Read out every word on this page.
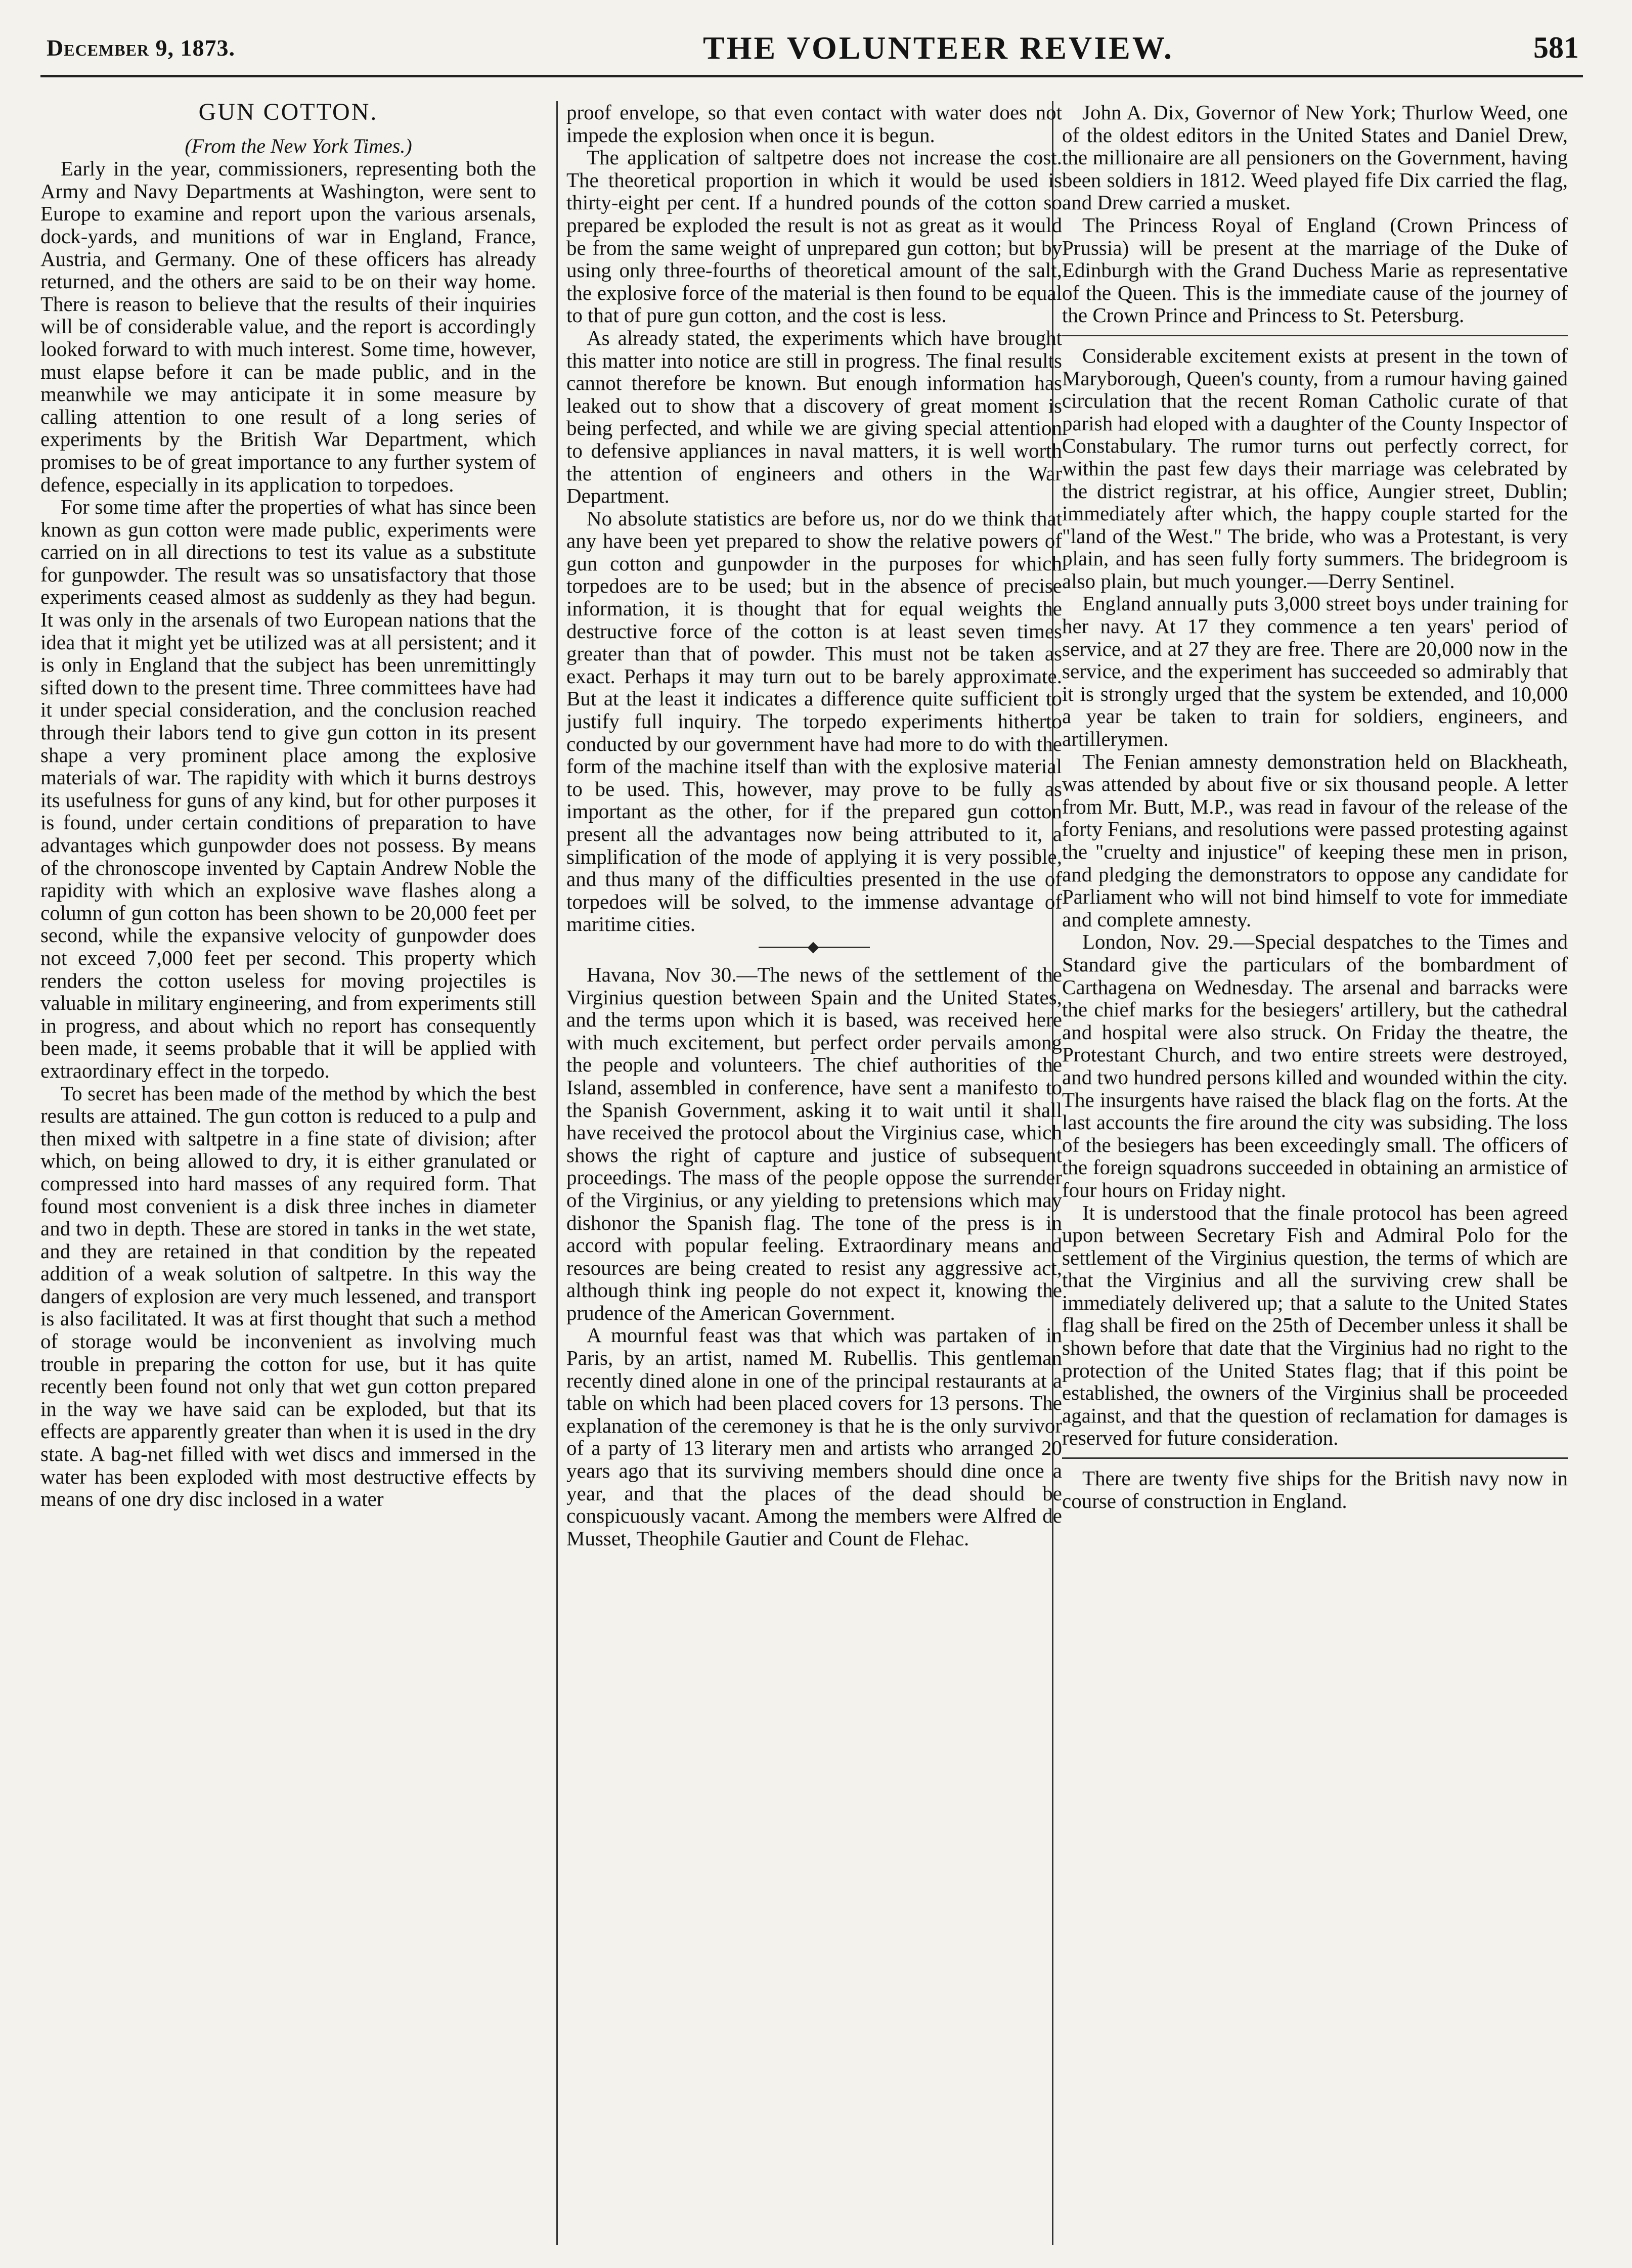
December 9, 1873.	THE VOLUNTEER REVIEW.	581
GUN COTTON.

(From the New York Times.)

Early in the year, commissioners, representing both the Army and Navy Departments at Washington, were sent to Europe to examine and report upon the various arsenals, dock-yards, and munitions of war in England, France, Austria, and Germany. One of these officers has already returned, and the others are said to be on their way home. There is reason to believe that the results of their inquiries will be of considerable value, and the report is accordingly looked forward to with much interest. Some time, however, must elapse before it can be made public, and in the meanwhile we may anticipate it in some measure by calling attention to one result of a long series of experiments by the British War Department, which promises to be of great importance to any further system of defence, especially in its application to torpedoes.

For some time after the properties of what has since been known as gun cotton were made public, experiments were carried on in all directions to test its value as a substitute for gunpowder. The result was so unsatisfactory that those experiments ceased almost as suddenly as they had begun. It was only in the arsenals of two European nations that the idea that it might yet be utilized was at all persistent; and it is only in England that the subject has been unremittingly sifted down to the present time. Three committees have had it under special consideration, and the conclusion reached through their labors tend to give gun cotton in its present shape a very prominent place among the explosive materials of war. The rapidity with which it burns destroys its usefulness for guns of any kind, but for other purposes it is found, under certain conditions of preparation to have advantages which gunpowder does not possess. By means of the chronoscope invented by Captain Andrew Noble the rapidity with which an explosive wave flashes along a column of gun cotton has been shown to be 20,000 feet per second, while the expansive velocity of gunpowder does not exceed 7,000 feet per second. This property which renders the cotton useless for moving projectiles is valuable in military engineering, and from experiments still in progress, and about which no report has consequently been made, it seems probable that it will be applied with extraordinary effect in the torpedo.

To secret has been made of the method by which the best results are attained. The gun cotton is reduced to a pulp and then mixed with saltpetre in a fine state of division; after which, on being allowed to dry, it is either granulated or compressed into hard masses of any required form. That found most convenient is a disk three inches in diameter and two in depth. These are stored in tanks in the wet state, and they are retained in that condition by the repeated addition of a weak solution of saltpetre. In this way the dangers of explosion are very much lessened, and transport is also facilitated. It was at first thought that such a method of storage would be inconvenient as involving much trouble in preparing the cotton for use, but it has quite recently been found not only that wet gun cotton prepared in the way we have said can be exploded, but that its effects are apparently greater than when it is used in the dry state. A bag-net filled with wet discs and immersed in the water has been exploded with most destructive effects by means of one dry disc inclosed in a water

proof envelope, so that even contact with water does not impede the explosion when once it is begun.

The application of saltpetre does not increase the cost. The theoretical proportion in which it would be used is thirty-eight per cent. If a hundred pounds of the cotton so prepared be exploded the result is not as great as it would be from the same weight of unprepared gun cotton; but by using only three-fourths of theoretical amount of the salt, the explosive force of the material is then found to be equal to that of pure gun cotton, and the cost is less.

As already stated, the experiments which have brought this matter into notice are still in progress. The final results cannot therefore be known. But enough information has leaked out to show that a discovery of great moment is being perfected, and while we are giving special attention to defensive appliances in naval matters, it is well worth the attention of engineers and others in the War Department.

No absolute statistics are before us, nor do we think that any have been yet prepared to show the relative powers of gun cotton and gunpowder in the purposes for which torpedoes are to be used; but in the absence of precise information, it is thought that for equal weights the destructive force of the cotton is at least seven times greater than that of powder. This must not be taken as exact. Perhaps it may turn out to be barely approximate. But at the least it indicates a difference quite sufficient to justify full inquiry. The torpedo experiments hitherto conducted by our government have had more to do with the form of the machine itself than with the explosive material to be used. This, however, may prove to be fully as important as the other, for if the prepared gun cotton present all the advantages now being attributed to it, a simplification of the mode of applying it is very possible, and thus many of the difficulties presented in the use of torpedoes will be solved, to the immense advantage of maritime cities.

Havana, Nov 30.—The news of the settlement of the Virginius question between Spain and the United States, and the terms upon which it is based, was received here with much excitement, but perfect order pervails among the people and volunteers. The chief authorities of the Island, assembled in conference, have sent a manifesto to the Spanish Government, asking it to wait until it shall have received the protocol about the Virginius case, which shows the right of capture and justice of subsequent proceedings. The mass of the people oppose the surrender of the Virginius, or any yielding to pretensions which may dishonor the Spanish flag. The tone of the press is in accord with popular feeling. Extraordinary means and resources are being created to resist any aggressive act, although think ing people do not expect it, knowing the prudence of the American Government.

A mournful feast was that which was partaken of in Paris, by an artist, named M. Rubellis. This gentleman recently dined alone in one of the principal restaurants at a table on which had been placed covers for 13 persons. The explanation of the ceremoney is that he is the only survivor of a party of 13 literary men and artists who arranged 20 years ago that its surviving members should dine once a year, and that the places of the dead should be conspicuously vacant. Among the members were Alfred de Musset, Theophile Gautier and Count de Flehac.

John A. Dix, Governor of New York; Thurlow Weed, one of the oldest editors in the United States and Daniel Drew, the millionaire are all pensioners on the Government, having been soldiers in 1812. Weed played fife Dix carried the flag, and Drew carried a musket.

The Princess Royal of England (Crown Princess of Prussia) will be present at the marriage of the Duke of Edinburgh with the Grand Duchess Marie as representative of the Queen. This is the immediate cause of the journey of the Crown Prince and Princess to St. Petersburg.

Considerable excitement exists at present in the town of Maryborough, Queen's county, from a rumour having gained circulation that the recent Roman Catholic curate of that parish had eloped with a daughter of the County Inspector of Constabulary. The rumor turns out perfectly correct, for within the past few days their marriage was celebrated by the district registrar, at his office, Aungier street, Dublin; immediately after which, the happy couple started for the "land of the West." The bride, who was a Protestant, is very plain, and has seen fully forty summers. The bridegroom is also plain, but much younger.—Derry Sentinel.

England annually puts 3,000 street boys under training for her navy. At 17 they commence a ten years' period of service, and at 27 they are free. There are 20,000 now in the service, and the experiment has succeeded so admirably that it is strongly urged that the system be extended, and 10,000 a year be taken to train for soldiers, engineers, and artillerymen.

The Fenian amnesty demonstration held on Blackheath, was attended by about five or six thousand people. A letter from Mr. Butt, M.P., was read in favour of the release of the forty Fenians, and resolutions were passed protesting against the "cruelty and injustice" of keeping these men in prison, and pledging the demonstrators to oppose any candidate for Parliament who will not bind himself to vote for immediate and complete amnesty.

London, Nov. 29.—Special despatches to the Times and Standard give the particulars of the bombardment of Carthagena on Wednesday. The arsenal and barracks were the chief marks for the besiegers' artillery, but the cathedral and hospital were also struck. On Friday the theatre, the Protestant Church, and two entire streets were destroyed, and two hundred persons killed and wounded within the city. The insurgents have raised the black flag on the forts. At the last accounts the fire around the city was subsiding. The loss of the besiegers has been exceedingly small. The officers of the foreign squadrons succeeded in obtaining an armistice of four hours on Friday night.

It is understood that the finale protocol has been agreed upon between Secretary Fish and Admiral Polo for the settlement of the Virginius question, the terms of which are that the Virginius and all the surviving crew shall be immediately delivered up; that a salute to the United States flag shall be fired on the 25th of December unless it shall be shown before that date that the Virginius had no right to the protection of the United States flag; that if this point be established, the owners of the Virginius shall be proceeded against, and that the question of reclamation for damages is reserved for future consideration.

There are twenty five ships for the British navy now in course of construction in England.
